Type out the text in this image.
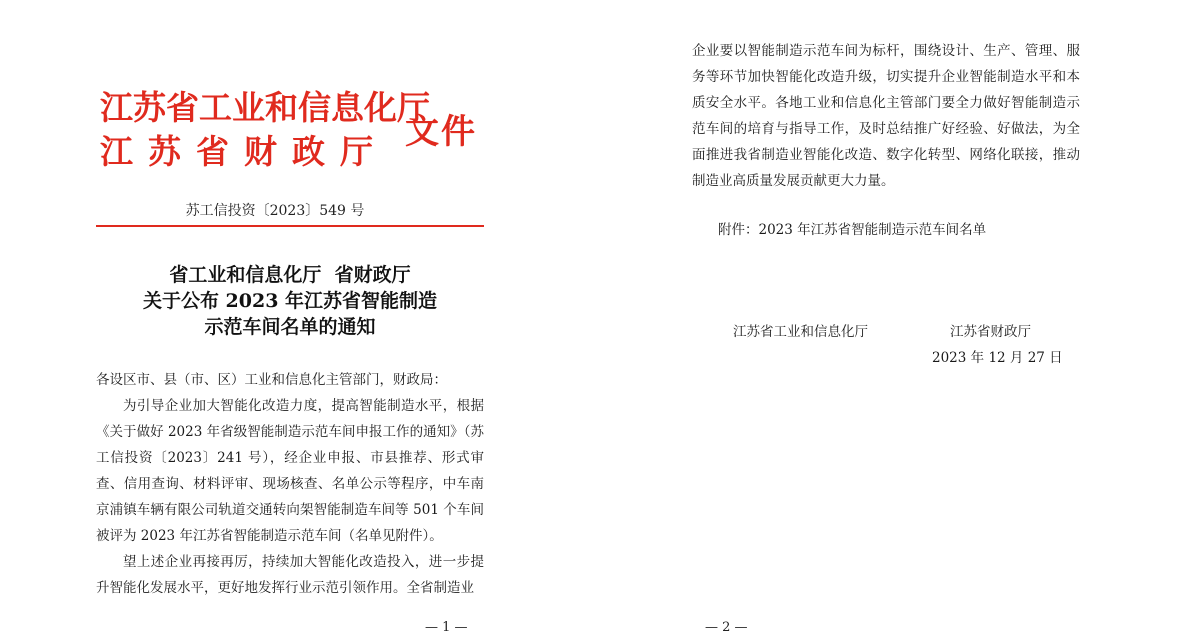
江苏省工业和信息化厅
江苏省财政厅 文件
苏工信投资〔2023〕549 号
省工业和信息化厅  省财政厅
关于公布 2023 年江苏省智能制造
示范车间名单的通知

各设区市、县（市、区）工业和信息化主管部门，财政局：

为引导企业加大智能化改造力度，提高智能制造水平，根据《关于做好 2023 年省级智能制造示范车间申报工作的通知》（苏工信投资〔2023〕241 号），经企业申报、市县推荐、形式审查、信用查询、材料评审、现场核查、名单公示等程序，中车南京浦镇车辆有限公司轨道交通转向架智能制造车间等 501 个车间被评为 2023 年江苏省智能制造示范车间（名单见附件）。

望上述企业再接再厉，持续加大智能化改造投入，进一步提升智能化发展水平，更好地发挥行业示范引领作用。全省制造业

— 1 —

企业要以智能制造示范车间为标杆，围绕设计、生产、管理、服务等环节加快智能化改造升级，切实提升企业智能制造水平和本质安全水平。各地工业和信息化主管部门要全力做好智能制造示范车间的培育与指导工作，及时总结推广好经验、好做法，为全面推进我省制造业智能化改造、数字化转型、网络化联接，推动制造业高质量发展贡献更大力量。

附件：2023 年江苏省智能制造示范车间名单
江苏省工业和信息化厅	江苏省财政厅
2023 年 12 月 27 日
— 2 —
